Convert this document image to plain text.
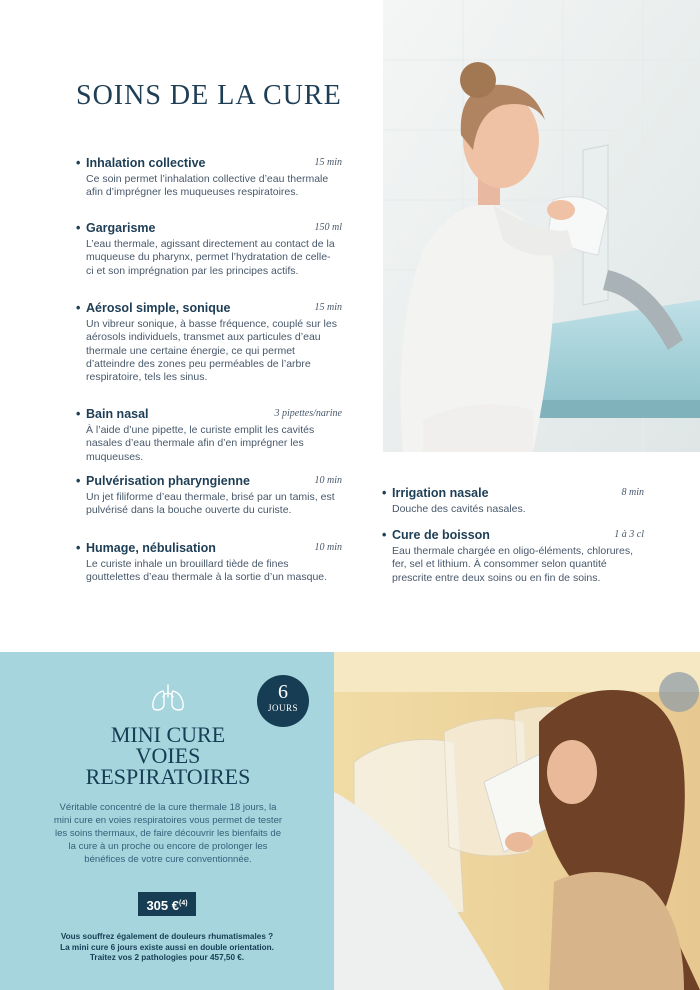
SOINS DE LA CURE
• Inhalation collective	15 min
Ce soin permet l’inhalation collective d’eau thermale afin d’imprégner les muqueuses respiratoires.
• Gargarisme	150 ml
L’eau thermale, agissant directement au contact de la muqueuse du pharynx, permet l’hydratation de celle-ci et son imprégnation par les principes actifs.
• Aérosol simple, sonique	15 min
Un vibreur sonique, à basse fréquence, couplé sur les aérosols individuels, transmet aux particules d’eau thermale une certaine énergie, ce qui permet d’atteindre des zones peu perméables de l’arbre respiratoire, tels les sinus.
• Bain nasal	3 pipettes/narine
À l’aide d’une pipette, le curiste emplit les cavités nasales d’eau thermale afin d’en imprégner les muqueuses.
• Pulvérisation pharyngienne	10 min
Un jet filiforme d’eau thermale, brisé par un tamis, est pulvérisé dans la bouche ouverte du curiste.
• Humage, nébulisation	10 min
Le curiste inhale un brouillard tiède de fines gouttelettes d’eau thermale à la sortie d’un masque.
• Irrigation nasale	8 min
Douche des cavités nasales.
• Cure de boisson	1 à 3 cl
Eau thermale chargée en oligo-éléments, chlorures, fer, sel et lithium. À consommer selon quantité prescrite entre deux soins ou en fin de soins.
6
JOURS
MINI CURE
VOIES
RESPIRATOIRES
Véritable concentré de la cure thermale 18 jours, la mini cure en voies respiratoires vous permet de tester les soins thermaux, de faire découvrir les bienfaits de la cure à un proche ou encore de prolonger les bénéfices de votre cure conventionnée.
305 €$^{(4)}$
Vous souffrez également de douleurs rhumatismales ?
La mini cure 6 jours existe aussi en double orientation.
Traitez vos 2 pathologies pour 457,50 €.
